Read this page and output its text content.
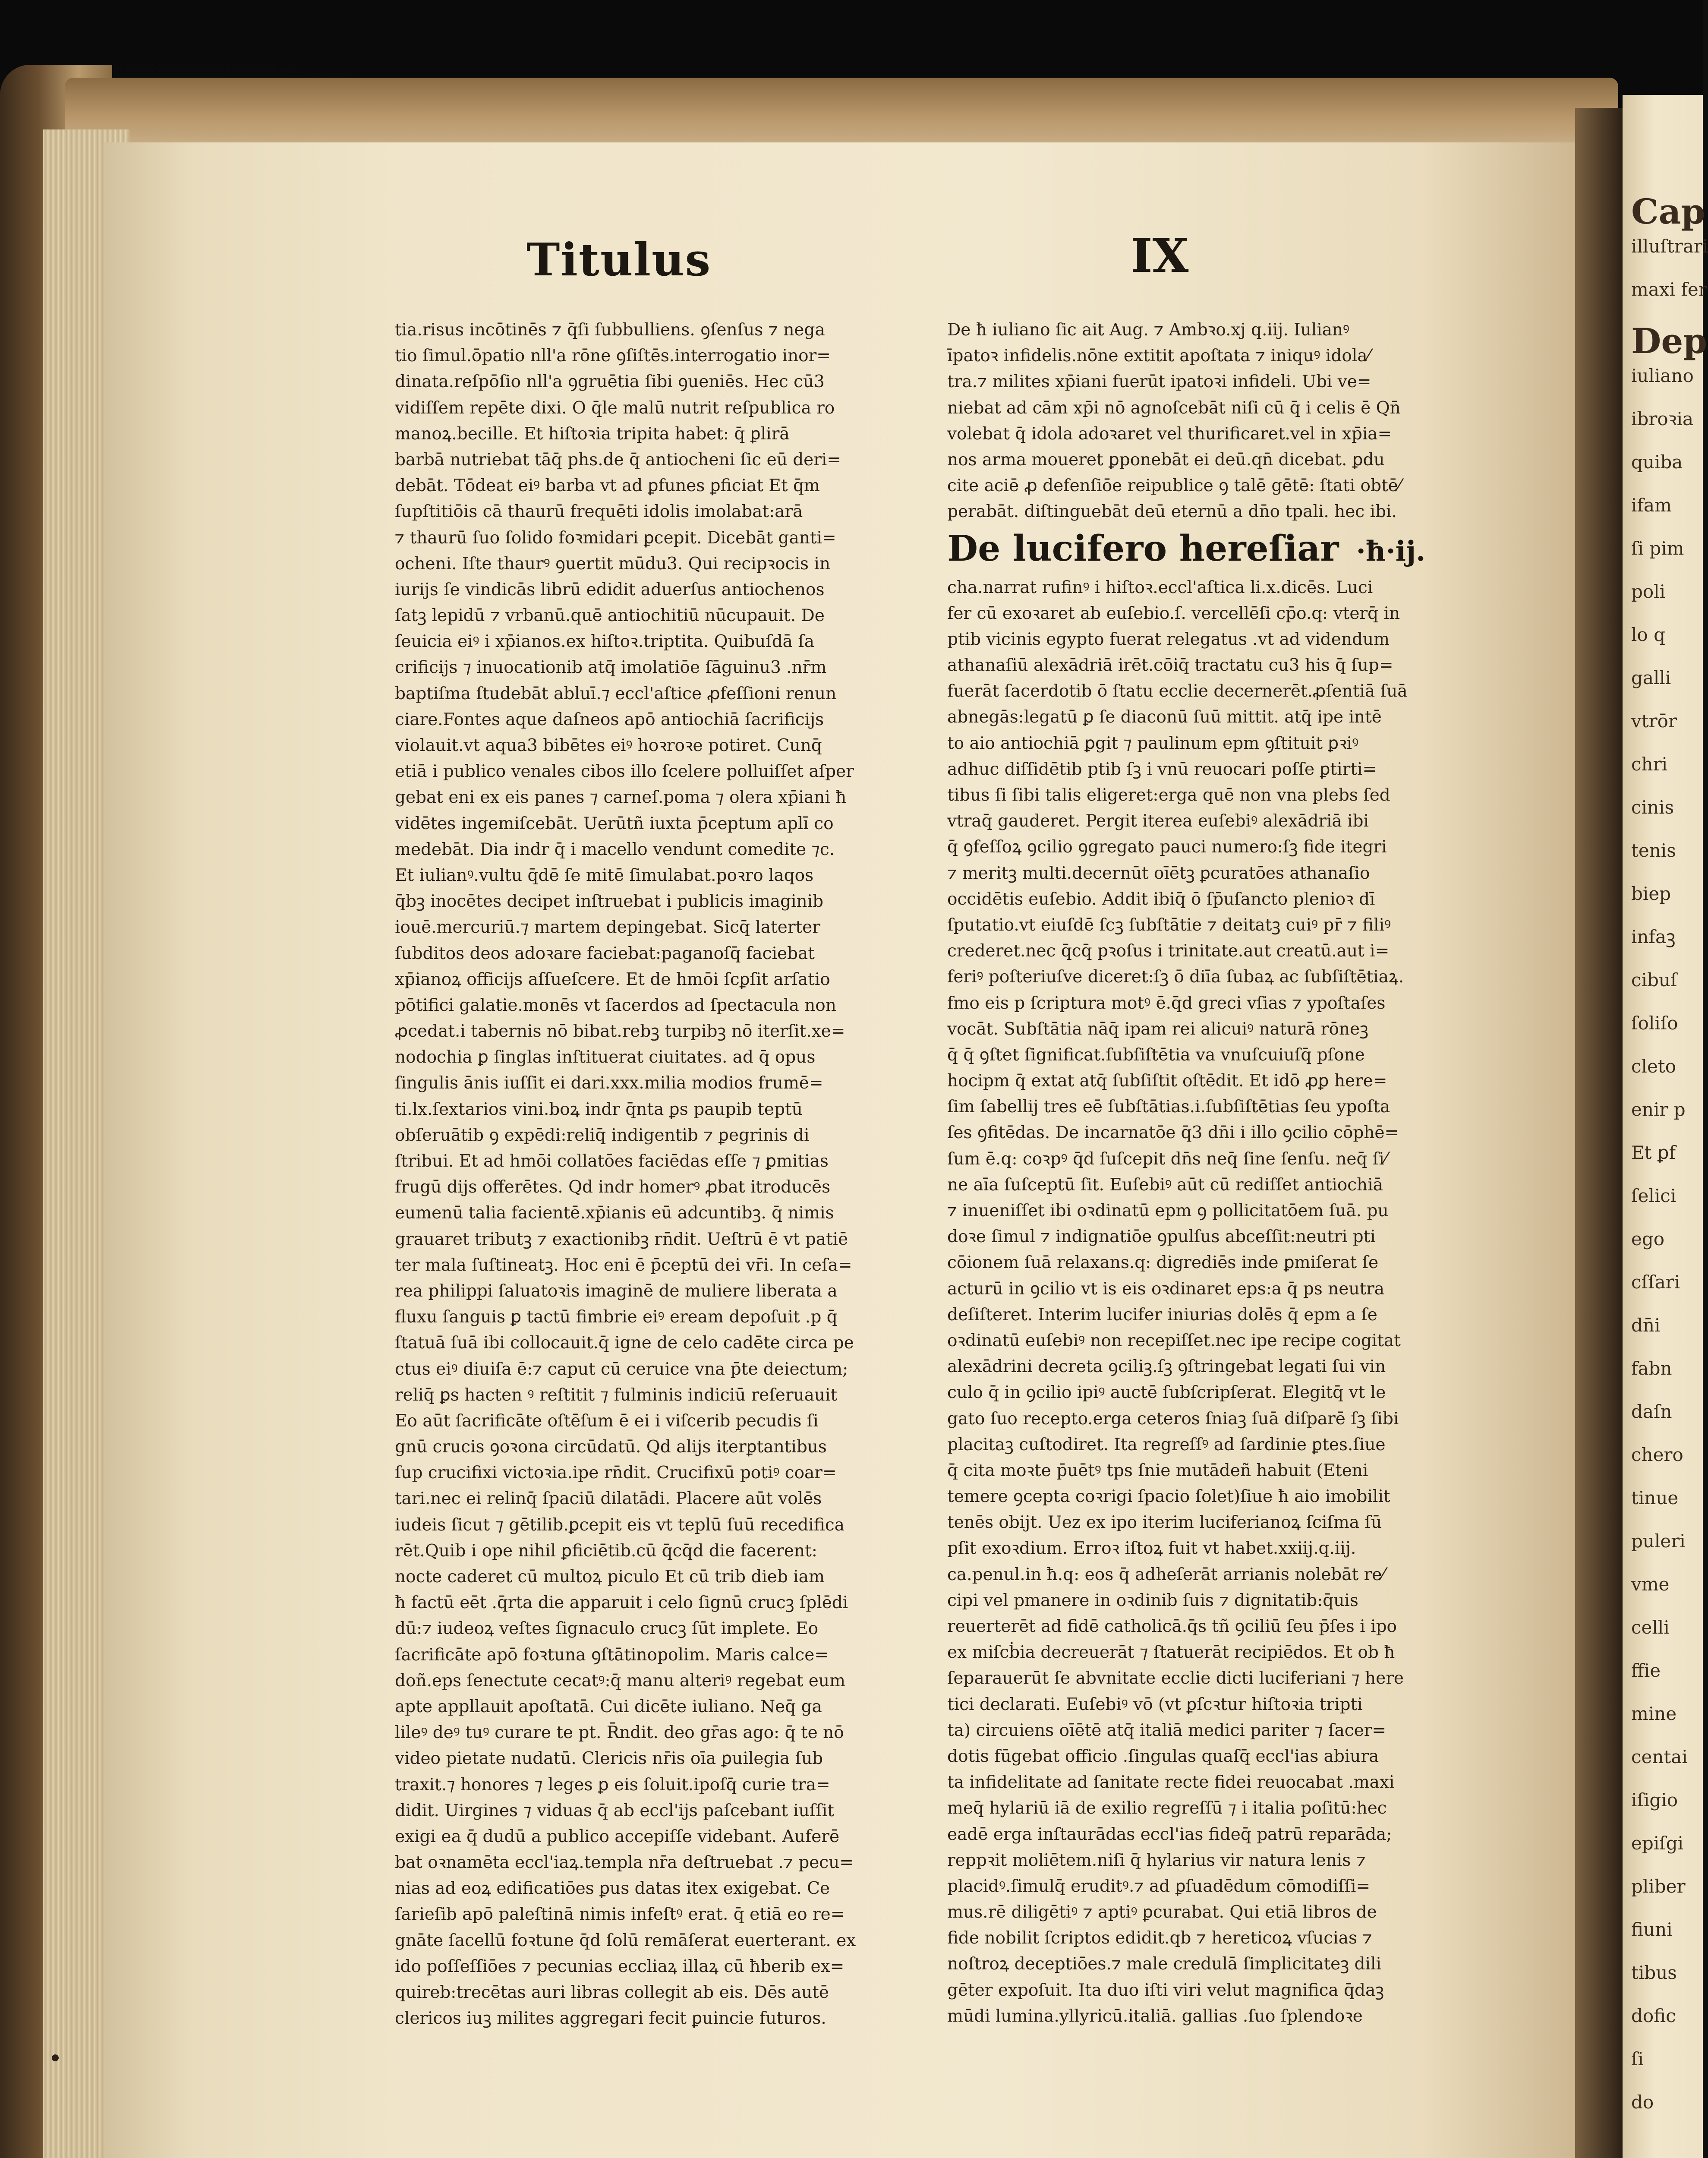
Cap
illuſtrari
maxi fer
Dep
iuliano
ibroꝛia
quiba
ifam
ſi pim
poli
lo q
galli
vtrōr
chri
cinis
tenis
biep
infaꝫ
cibuſ
ſoliſo
cleto
enir p
Et ꝑf
ſelici
ego
cſſari
dn̄i
fabn
daſn
chero
tinue
puleri
vme
celli
ffie
mine
centai
iſigio
epiſgi
pliber
fiuni
tibus
dofic
ſi
do
Titulus	IX
tia.risus incōtinēs ⁊ q̄ſi ſubbulliens. ꝯſenſus ⁊ nega
tio ſimul.ōpatio nll'a rōne ꝯſiſtēs.interrogatio inor=
dinata.reſpōſio nll'a ꝯgruētia ſibi ꝯueniēs. Hec cū3
vidiſſem repēte dixi. O q̄le malū nutrit reſpublica ro
manoꝝ.becille. Et hiſtoꝛia tripita habet: q̄ ꝑlirā
barbā nutriebat tāq̄ phs.de q̄ antiocheni ſic eū deri=
debāt. Tōdeat eiꝰ barba vt ad ꝑfunes ꝑficiat Et q̄m
ſupſtitiōis cā thaurū frequēti idolis imolabat:arā
⁊ thaurū ſuo ſolido foꝛmidari ꝑcepit. Dicebāt ganti=
ocheni. Iſte thaurꝰ ꝯuertit mūdu3. Qui recipꝛocis in
iurijs ſe vindicās librū edidit aduerſus antiochenos
ſatꝫ lepidū ⁊ vrbanū.quē antiochitiū nūcupauit. De
ſeuicia eiꝰ i xp̄ianos.ex hiſtoꝛ.triptita. Quibuſdā ſa
crificijs ⁊ inuocationib atq̄ imolatiōe ſāguinu3 .nr̄m
baptiſma ſtudebāt abluī.⁊ eccl'aſtice ꝓfeſſioni renun
ciare.Fontes aque daſneos apō antiochiā ſacrificijs
violauit.vt aqua3 bibētes eiꝰ hoꝛroꝛe potiret. Cunq̄
etiā i publico venales cibos illo ſcelere polluiſſet aſper
gebat eni ex eis panes ⁊ carneſ.poma ⁊ olera xp̄iani ħ
vidētes ingemiſcebāt. Uerūtñ iuxta p̄ceptum aplī co
medebāt. Dia indr q̄ i macello vendunt comedite ⁊c.
Et iulianꝰ.vultu q̄dē ſe mitē ſimulabat.poꝛro laqos
q̄bꝫ inocētes decipet inſtruebat i publicis imaginib
iouē.mercuriū.⁊ martem depingebat. Sicq̄ laterter
ſubditos deos adoꝛare faciebat:paganoſq̄ faciebat
xp̄ianoꝝ officijs aſſueſcere. Et de hmōi ſcꝑſit arſatio
pōtifici galatie.monēs vt ſacerdos ad ſpectacula non
ꝓcedat.i tabernis nō bibat.rebꝫ turpibꝫ nō iterſit.xe=
nodochia ꝑ ſinglas inſtituerat ciuitates. ad q̄ opus
ſingulis ānis iuſſit ei dari.xxx.milia modios frumē=
ti.lx.ſextarios vini.boꝝ indr q̄nta ꝑs paupib teptū
obſeruātib ꝯ expēdi:reliq̄ indigentib ⁊ ꝑegrinis di
ſtribui. Et ad hmōi collatōes faciēdas eſſe ⁊ ꝑmitias
frugū dijs offerētes. Qd indr homerꝰ ꝓbat itroducēs
eumenū talia facientē.xp̄ianis eū adcuntibꝫ. q̄ nimis
grauaret tributꝫ ⁊ exactionibꝫ rn̄dit. Ueſtrū ē vt patiē
ter mala ſuſtineatꝫ. Hoc eni ē p̄ceptū dei vr̄i. In ceſa=
rea philippi ſaluatoꝛis imaginē de muliere liberata a
fluxu ſanguis ꝑ tactū fimbrie eiꝰ eream depoſuit .p q̄
ſtatuā ſuā ibi collocauit.q̄ igne de celo cadēte circa pe
ctus eiꝰ diuiſa ē:⁊ caput cū ceruice vna p̄te deiectum;
reliq̄ ꝑs hacten ꝰ reſtitit ⁊ fulminis indiciū reſeruauit
Eo aūt ſacrificāte oſtēſum ē ei i viſcerib pecudis ſi
gnū crucis ꝯoꝛona circūdatū. Qd alijs iterꝑtantibus
ſup crucifixi victoꝛia.ipe rn̄dit. Crucifixū potiꝰ coar=
tari.nec ei relinq̄ ſpaciū dilatādi. Placere aūt volēs
iudeis ſicut ⁊ gētilib.ꝑcepit eis vt teplū ſuū recedifica
rēt.Quib i ope nihil ꝑficiētib.cū q̄cq̄d die facerent:
nocte caderet cū multoꝝ piculo Et cū trib dieb iam
ħ factū eēt .q̄rta die apparuit i celo ſignū crucꝫ ſplēdi
dū:⁊ iudeoꝝ veſtes ſignaculo crucꝫ ſūt implete. Eo
ſacrificāte apō foꝛtuna ꝯſtātinopolim. Maris calce=
doñ.eps ſenectute cecatꝰ:q̄ manu alteriꝰ regebat eum
apte appllauit apoſtatā. Cui dicēte iuliano. Neq̄ ga
lileꝰ deꝰ tuꝰ curare te pt. R̄ndit. deo gr̄as ago: q̄ te nō
video pietate nudatū. Clericis nr̄is oīa ꝑuilegia ſub
traxit.⁊ honores ⁊ leges ꝑ eis ſoluit.ipoſq̄ curie tra=
didit. Uirgines ⁊ viduas q̄ ab eccl'ijs paſcebant iuſſit
exigi ea q̄ dudū a publico accepiſſe videbant. Auferē
bat oꝛnamēta eccl'iaꝝ.templa nr̄a deſtruebat .⁊ pecu=
nias ad eoꝝ edificatiōes ꝑus datas itex exigebat. Ce
ſarieſib apō paleſtinā nimis infeſtꝰ erat. q̄ etiā eo re=
gnāte ſacellū foꝛtune q̄d ſolū remāſerat euerterant. ex
ido poſſeſſiōes ⁊ pecunias eccliaꝝ illaꝝ cū ħberib ex=
quireb:trecētas auri libras collegit ab eis. Dēs autē
clericos iuꝫ milites aggregari fecit ꝑuincie futuros.
De ħ iuliano ſic ait Aug. ⁊ Ambꝛo.xj q.iij. Iulianꝰ
īpatoꝛ infidelis.nōne extitit apoſtata ⁊ iniquꝰ idola⁄
tra.⁊ milites xp̄iani fuerūt ipatoꝛi infideli. Ubi ve=
niebat ad cām xp̄i nō agnoſcebāt niſi cū q̄ i celis ē Qn̄
volebat q̄ idola adoꝛaret vel thurificaret.vel in xp̄ia=
nos arma moueret ꝑponebāt ei deū.qn̄ dicebat. ꝑdu
cite aciē ꝓ defenſiōe reipublice ꝯ talē gētē: ſtati obtē⁄
perabāt. diſtinguebāt deū eternū a dn̄o tpali. hec ibi.
De lucifero hereſiar ·ħ·ij.
cha.narrat rufinꝰ i hiſtoꝛ.eccl'aſtica li.x.dicēs. Luci
fer cū exoꝛaret ab euſebio.ſ. vercellēſi cp̄o.q: vterq̄ in
ptib vicinis egypto fuerat relegatus .vt ad videndum
athanaſiū alexādriā irēt.cōiq̄ tractatu cu3 his q̄ ſup=
fuerāt ſacerdotib ō ſtatu ecclie decernerēt.ꝓſentiā ſuā
abnegās:legatū ꝑ ſe diaconū ſuū mittit. atq̄ ipe intē
to aio antiochiā ꝑgit ⁊ paulinum epm ꝯſtituit ꝑꝛiꝰ
adhuc diſſidētib ptib ſꝫ i vnū reuocari poſſe ꝑtirti=
tibus ſi ſibi talis eligeret:erga quē non vna plebs ſed
vtraq̄ gauderet. Pergit iterea euſebiꝰ alexādriā ibi
q̄ ꝯfeſſoꝝ ꝯcilio ꝯgregato pauci numero:ſꝫ fide itegri
⁊ meritꝫ multi.decernūt oīētꝫ ꝑcuratōes athanaſio
occidētis euſebio. Addit ibiq̄ ō ſp̄uſancto plenioꝛ dī
ſputatio.vt eiuſdē ſcꝫ ſubſtātie ⁊ deitatꝫ cuiꝰ pr̄ ⁊ filiꝰ
crederet.nec q̄cq̄ pꝛoſus i trinitate.aut creatū.aut i=
feriꝰ poſteriuſve diceret:ſꝫ ō diīa ſubaꝝ ac ſubſiſtētiaꝝ.
fmo eis p ſcriptura motꝰ ē.q̄d greci vſias ⁊ ypoſtaſes
vocāt. Subſtātia nāq̄ ipam rei alicuiꝰ naturā rōneꝫ
q̄ q̄ ꝯſtet ſignificat.ſubſiſtētia va vnuſcuiuſq̄ pſone
hocipm q̄ extat atq̄ ſubſiſtit oſtēdit. Et idō ꝓꝑ here=
ſim ſabellij tres eē ſubſtātias.i.ſubſiſtētias ſeu ypoſta
ſes ꝯfitēdas. De incarnatōe q̄3 dn̄i i illo ꝯcilio cōphē=
ſum ē.q: coꝛpꝰ q̄d ſuſcepit dn̄s neq̄ ſine ſenſu. neq̄ ſi⁄
ne aīa ſuſceptū ſit. Euſebiꝰ aūt cū rediſſet antiochiā
⁊ inueniſſet ibi oꝛdinatū epm ꝯ pollicitatōem ſuā. pu
doꝛe ſimul ⁊ indignatiōe ꝯpulſus abceſſit:neutri pti
cōionem ſuā relaxans.q: digrediēs inde ꝑmiſerat ſe
acturū in ꝯcilio vt is eis oꝛdinaret eps:a q̄ ps neutra
deſiſteret. Interim lucifer iniurias dolēs q̄ epm a ſe
oꝛdinatū euſebiꝰ non recepiſſet.nec ipe recipe cogitat
alexādrini decreta ꝯciliꝫ.ſꝫ ꝯſtringebat legati ſui vin
culo q̄ in ꝯcilio ipiꝰ auctē ſubſcripſerat. Elegitq̄ vt le
gato ſuo recepto.erga ceteros ſniaꝫ ſuā diſparē ſꝫ ſibi
placitaꝫ cuſtodiret. Ita regreſſꝰ ad ſardinie ꝑtes.ſiue
q̄ cita moꝛte p̄uētꝰ tps ſnie mutādeñ habuit (Eteni
temere ꝯcepta coꝛrigi ſpacio ſolet)ſiue ħ aio imobilit
tenēs obijt. Uez ex ipo iterim luciferianoꝝ ſciſma ſū
pſit exoꝛdium. Erroꝛ iſtoꝝ fuit vt habet.xxiij.q.iij.
ca.penul.in ħ.q: eos q̄ adheſerāt arrianis nolebāt re⁄
cipi vel pmanere in oꝛdinib ſuis ⁊ dignitatib:q̄uis
reuerterēt ad fidē catholicā.q̄s tñ ꝯciliū ſeu p̄ſes i ipo
ex miſcḃia decreuerāt ⁊ ſtatuerāt recipiēdos. Et ob ħ
ſeparauerūt ſe abvnitate ecclie dicti luciferiani ⁊ here
tici declarati. Euſebiꝰ vō (vt ꝑſcꝛtur hiſtoꝛia tripti
ta) circuiens oīētē atq̄ italiā medici pariter ⁊ ſacer=
dotis fūgebat officio .ſingulas quaſq̄ eccl'ias abiura
ta infidelitate ad ſanitate recte fidei reuocabat .maxi
meq̄ hylariū iā de exilio regreſſū ⁊ i italia poſitū:hec
eadē erga inſtaurādas eccl'ias fideq̄ patrū reparāda;
reppꝛit moliētem.niſi q̄ hylarius vir natura lenis ⁊
placidꝰ.ſimulq̄ eruditꝰ.⁊ ad ꝑſuadēdum cōmodiſſi=
mus.rē diligētiꝰ ⁊ aptiꝰ ꝑcurabat. Qui etiā libros de
fide nobilit ſcriptos edidit.qb ⁊ hereticoꝝ vſucias ⁊
noſtroꝝ deceptiōes.⁊ male credulā ſimplicitateꝫ dili
gēter expoſuit. Ita duo iſti viri velut magnifica q̄daꝫ
mūdi lumina.yllyricū.italiā. gallias .ſuo ſplendoꝛe
